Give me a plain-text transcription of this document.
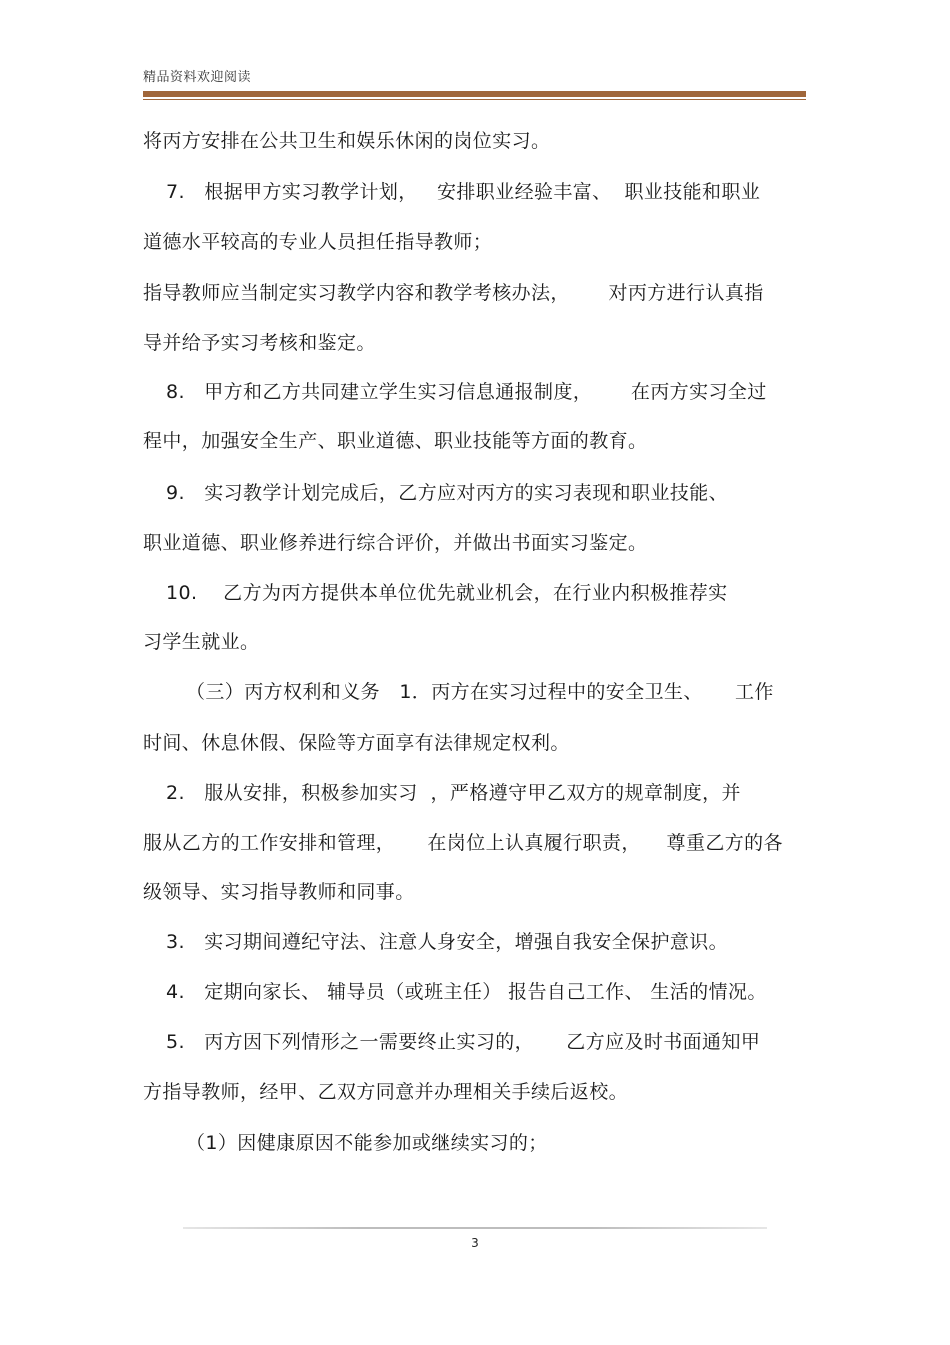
精品资料欢迎阅读
将丙方安排在公共卫生和娱乐休闲的岗位实习。
7.   根据甲方实习教学计划，   安排职业经验丰富、  职业技能和职业
道德水平较高的专业人员担任指导教师；
指导教师应当制定实习教学内容和教学考核办法，      对丙方进行认真指
导并给予实习考核和鉴定。
8.   甲方和乙方共同建立学生实习信息通报制度，      在丙方实习全过
程中，加强安全生产、职业道德、职业技能等方面的教育。
9.   实习教学计划完成后，乙方应对丙方的实习表现和职业技能、
职业道德、职业修养进行综合评价，并做出书面实习鉴定。
10.    乙方为丙方提供本单位优先就业机会，在行业内积极推荐实
习学生就业。
（三）丙方权利和义务   1．丙方在实习过程中的安全卫生、     工作
时间、休息休假、保险等方面享有法律规定权利。
2.   服从安排，积极参加实习  ，严格遵守甲乙双方的规章制度，并
服从乙方的工作安排和管理，     在岗位上认真履行职责，    尊重乙方的各
级领导、实习指导教师和同事。
3.   实习期间遵纪守法、注意人身安全，增强自我安全保护意识。
4.   定期向家长、 辅导员（或班主任） 报告自己工作、 生活的情况。
5.   丙方因下列情形之一需要终止实习的，     乙方应及时书面通知甲
方指导教师，经甲、乙双方同意并办理相关手续后返校。
（1）因健康原因不能参加或继续实习的；
3
